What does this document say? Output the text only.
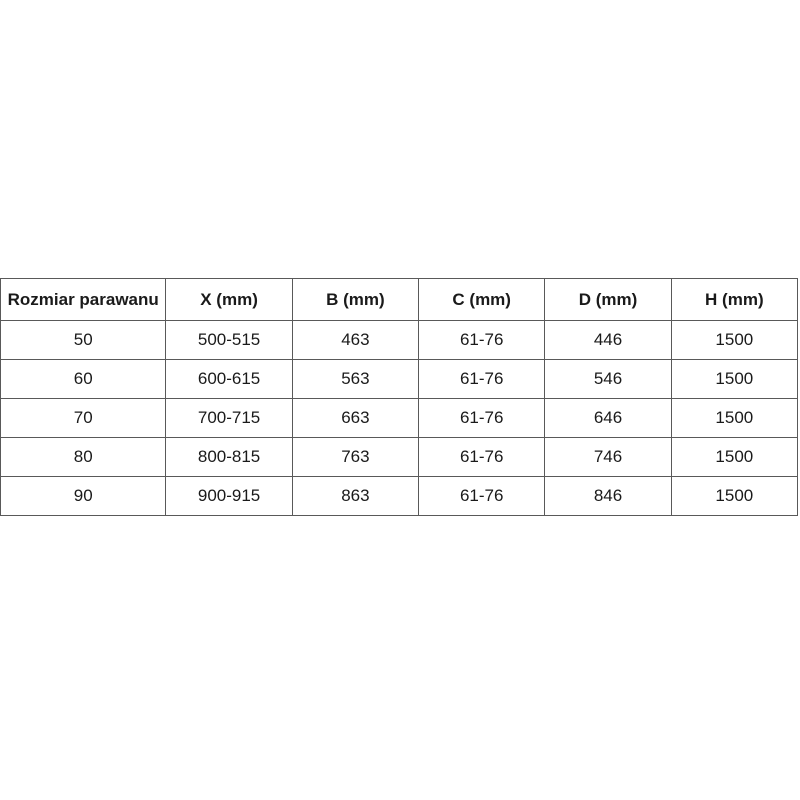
Rozmiar parawanu	X (mm)	B (mm)	C (mm)	D (mm)	H (mm)
50	500-515	463	61-76	446	1500
60	600-615	563	61-76	546	1500
70	700-715	663	61-76	646	1500
80	800-815	763	61-76	746	1500
90	900-915	863	61-76	846	1500
